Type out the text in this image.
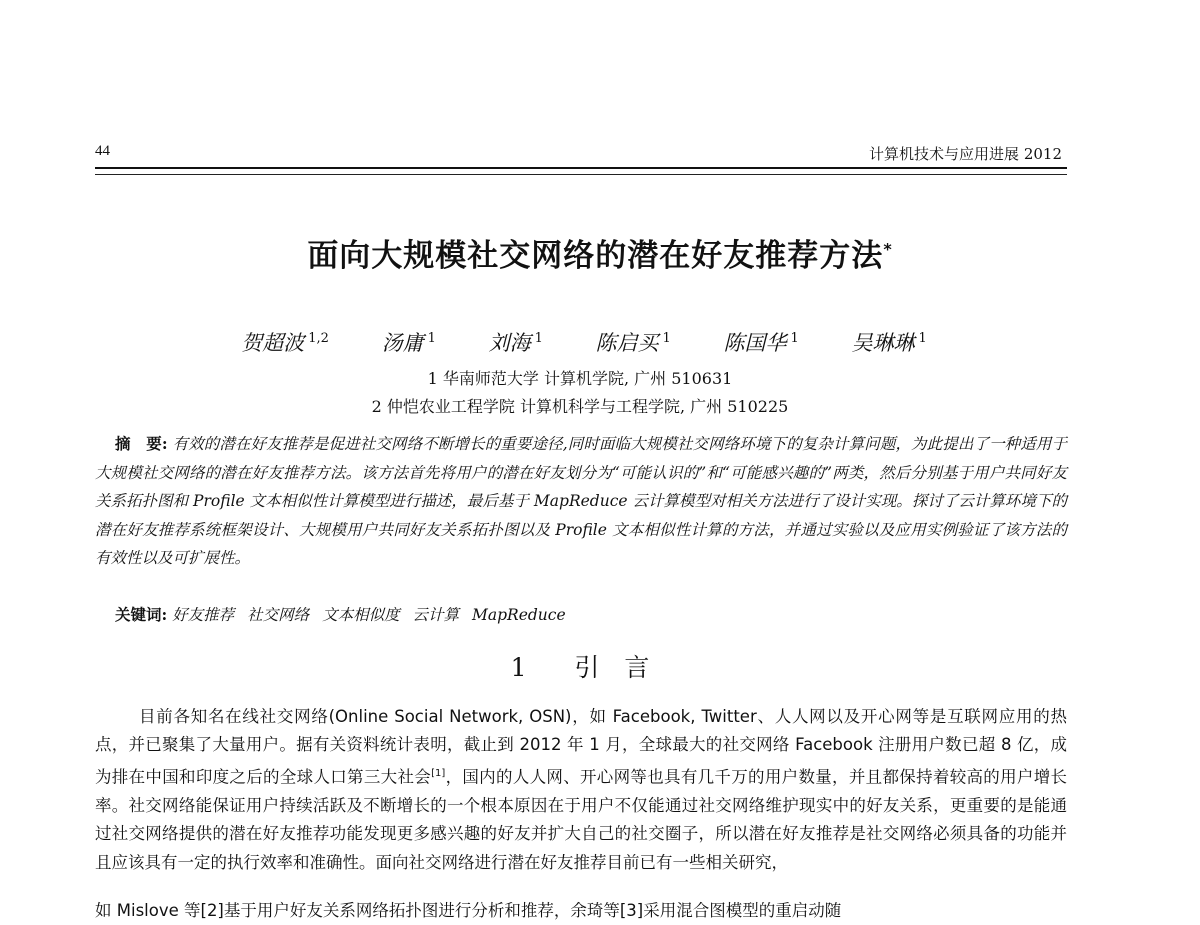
44	计算机技术与应用进展 2012
面向大规模社交网络的潜在好友推荐方法*
贺超波 $^{1,2}$	汤庸 $^1$	刘海 $^1$	陈启买 $^1$	陈国华 $^1$	吴琳琳 $^1$
1 华南师范大学 计算机学院, 广州 510631
2 仲恺农业工程学院 计算机科学与工程学院, 广州 510225
摘　要: 有效的潜在好友推荐是促进社交网络不断增长的重要途径,同时面临大规模社交网络环境下的复杂计算问题，为此提出了一种适用于大规模社交网络的潜在好友推荐方法。该方法首先将用户的潜在好友划分为“可能认识的”和“可能感兴趣的”两类，然后分别基于用户共同好友关系拓扑图和 Profile 文本相似性计算模型进行描述，最后基于 MapReduce 云计算模型对相关方法进行了设计实现。探讨了云计算环境下的潜在好友推荐系统框架设计、大规模用户共同好友关系拓扑图以及 Profile 文本相似性计算的方法，并通过实验以及应用实例验证了该方法的有效性以及可扩展性。
关键词: 好友推荐 社交网络 文本相似度 云计算 MapReduce
1 引　言
目前各知名在线社交网络(Online Social Network, OSN)，如 Facebook, Twitter、人人网以及开心网等是互联网应用的热点，并已聚集了大量用户。据有关资料统计表明，截止到 2012 年 1 月，全球最大的社交网络 Facebook 注册用户数已超 8 亿，成为排在中国和印度之后的全球人口第三大社会[1]，国内的人人网、开心网等也具有几千万的用户数量，并且都保持着较高的用户增长率。社交网络能保证用户持续活跃及不断增长的一个根本原因在于用户不仅能通过社交网络维护现实中的好友关系，更重要的是能通过社交网络提供的潜在好友推荐功能发现更多感兴趣的好友并扩大自己的社交圈子，所以潜在好友推荐是社交网络必须具备的功能并且应该具有一定的执行效率和准确性。面向社交网络进行潜在好友推荐目前已有一些相关研究，
如 Mislove 等[2]基于用户好友关系网络拓扑图进行分析和推荐，余琦等[3]采用混合图模型的重启动随
